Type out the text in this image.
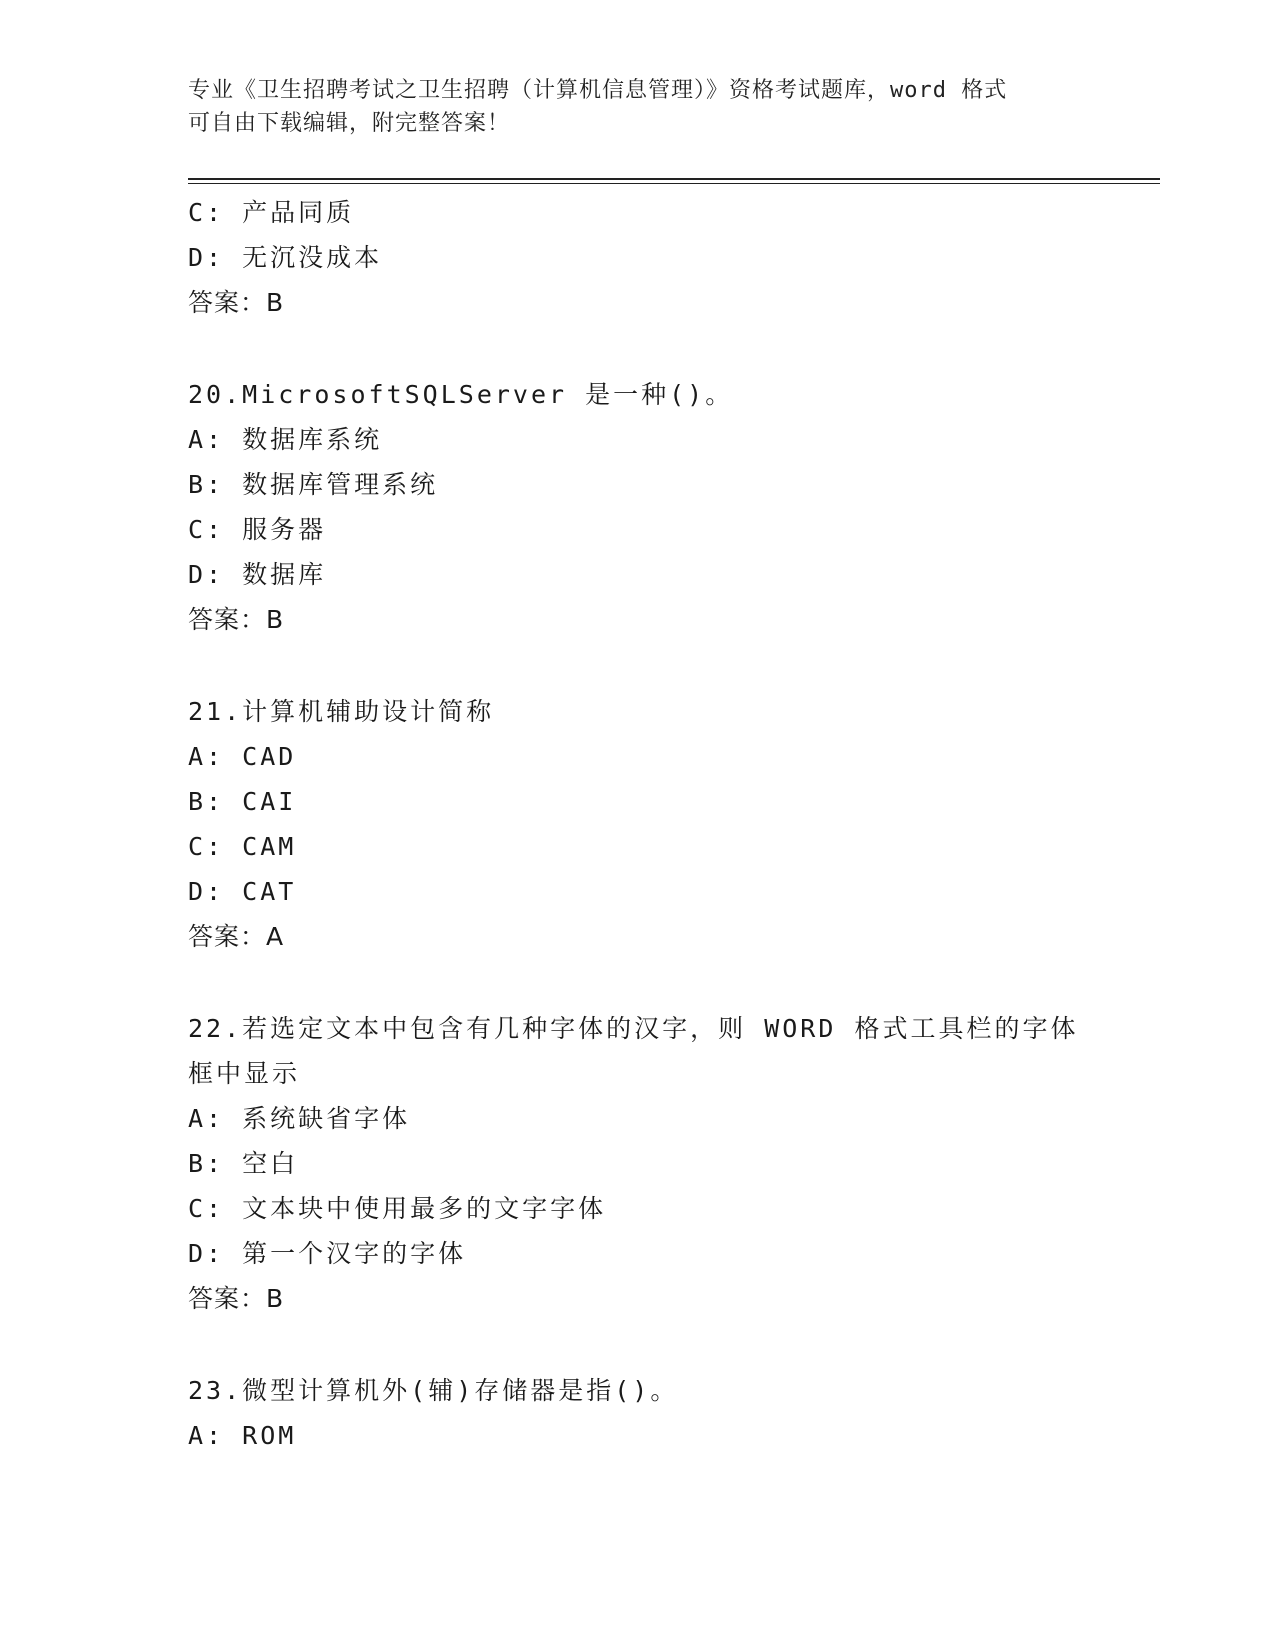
专业《卫生招聘考试之卫生招聘（计算机信息管理）》资格考试题库，word 格式
可自由下载编辑，附完整答案！
C: 产品同质
D: 无沉没成本
答案：B
20.MicrosoftSQLServer 是一种()。
A: 数据库系统
B: 数据库管理系统
C: 服务器
D: 数据库
答案：B
21.计算机辅助设计简称
A: CAD
B: CAI
C: CAM
D: CAT
答案：A
22.若选定文本中包含有几种字体的汉字，则 WORD 格式工具栏的字体
框中显示
A: 系统缺省字体
B: 空白
C: 文本块中使用最多的文字字体
D: 第一个汉字的字体
答案：B
23.微型计算机外(辅)存储器是指()。
A: ROM
